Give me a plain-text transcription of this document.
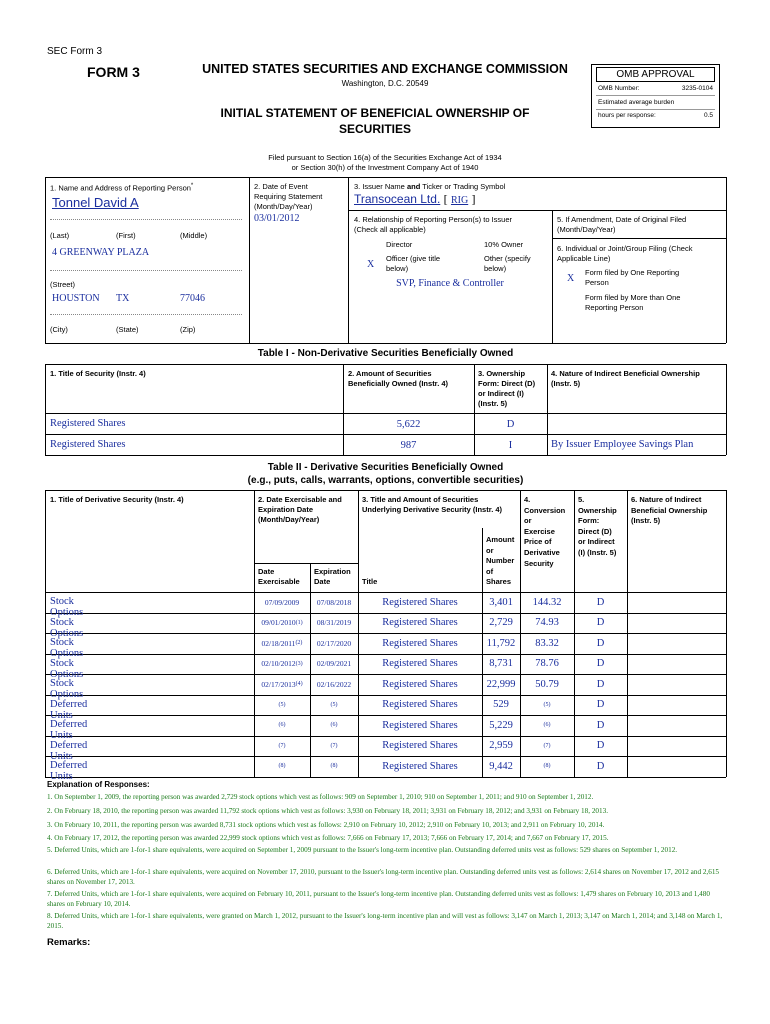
SEC Form 3
FORM 3	UNITED STATES SECURITIES AND EXCHANGE COMMISSION
Washington, D.C. 20549
INITIAL STATEMENT OF BENEFICIAL OWNERSHIP OF
SECURITIES
Filed pursuant to Section 16(a) of the Securities Exchange Act of 1934
or Section 30(h) of the Investment Company Act of 1940
OMB APPROVAL
OMB Number:	3235-0104
Estimated average burden
hours per response:	0.5
1. Name and Address of Reporting Person*
Tonnel David A
(Last)	(First)	(Middle)
4 GREENWAY PLAZA
(Street)
HOUSTON TX	77046
(City)	(State)	(Zip)
2. Date of Event
Requiring Statement
(Month/Day/Year)
03/01/2012
3. Issuer Name and Ticker or Trading Symbol
Transocean Ltd. [ RIG ]
4. Relationship of Reporting Person(s) to Issuer
(Check all applicable)
Director	10% Owner
X
Officer (give title
below)
Other (specify
below)
SVP, Finance & Controller
5. If Amendment, Date of Original Filed
(Month/Day/Year)
6. Individual or Joint/Group Filing (Check
Applicable Line)
X
Form filed by One Reporting
Person
Form filed by More than One
Reporting Person
Table I - Non-Derivative Securities Beneficially Owned
1. Title of Security (Instr. 4)	2. Amount of Securities
Beneficially Owned (Instr. 4)
3. Ownership
Form: Direct (D)
or Indirect (I)
(Instr. 5)
4. Nature of Indirect Beneficial Ownership
(Instr. 5)
Registered Shares	5,622	D
Registered Shares	987	I	By Issuer Employee Savings Plan
Table II - Derivative Securities Beneficially Owned
(e.g., puts, calls, warrants, options, convertible securities)
1. Title of Derivative Security (Instr. 4)	2. Date Exercisable and
Expiration Date
(Month/Day/Year)
3. Title and Amount of Securities
Underlying Derivative Security (Instr. 4)
4.
Conversion
or
Exercise
Price of
Derivative
Security
5.
Ownership
Form:
Direct (D)
or Indirect
(I) (Instr. 5)
6. Nature of Indirect
Beneficial Ownership
(Instr. 5)
Date
Exercisable
Expiration
Date	Title
Amount
or
Number
of
Shares
Stock Options
07/09/2009 07/08/2018	Registered Shares	3,401	144.32	D
Stock Options
09/01/2010 (1) 08/31/2019	Registered Shares	2,729	74.93	D
Stock Options
02/18/2011 (2) 02/17/2020	Registered Shares	11,792	83.32	D
Stock Options
02/10/2012 (3) 02/09/2021	Registered Shares	8,731	78.76	D
Stock Options
02/17/2013 (4) 02/16/2022	Registered Shares	22,999	50.79	D
Deferred Units
(5)	(5)	Registered Shares	529	(5)	D
Deferred Units
(6)	(6)	Registered Shares	5,229	(6)	D
Deferred Units
(7)	(7)	Registered Shares	2,959	(7)	D
Deferred Units
(8)	(8)	Registered Shares	9,442	(8)	D
Explanation of Responses:
1. On September 1, 2009, the reporting person was awarded 2,729 stock options which vest as follows: 909 on September 1, 2010; 910 on September 1, 2011; and 910 on September 1, 2012.
2. On February 18, 2010, the reporting person was awarded 11,792 stock options which vest as follows: 3,930 on February 18, 2011; 3,931 on February 18, 2012; and 3,931 on February 18, 2013.
3. On February 10, 2011, the reporting person was awarded 8,731 stock options which vest as follows: 2,910 on February 10, 2012; 2,910 on February 10, 2013; and 2,911 on February 10, 2014.
4. On February 17, 2012, the reporting person was awarded 22,999 stock options which vest as follows: 7,666 on February 17, 2013; 7,666 on February 17, 2014; and 7,667 on February 17, 2015.
5. Deferred Units, which are 1-for-1 share equivalents, were acquired on September 1, 2009 pursuant to the Issuer's long-term incentive plan. Outstanding deferred units vest as follows: 529 shares on September 1, 2012.
6. Deferred Units, which are 1-for-1 share equivalents, were acquired on November 17, 2010, pursuant to the Issuer's long-term incentive plan. Outstanding deferred units vest as follows: 2,614 shares on November 17, 2012 and 2,615 shares on November 17, 2013.
7. Deferred Units, which are 1-for-1 share equivalents, were acquired on February 10, 2011, pursuant to the Issuer's long-term incentive plan. Outstanding deferred units vest as follows: 1,479 shares on February 10, 2013 and 1,480 shares on February 10, 2014.
8. Deferred Units, which are 1-for-1 share equivalents, were granted on March 1, 2012, pursuant to the Issuer's long-term incentive plan and will vest as follows: 3,147 on March 1, 2013; 3,147 on March 1, 2014; and 3,148 on March 1, 2015.
Remarks:
